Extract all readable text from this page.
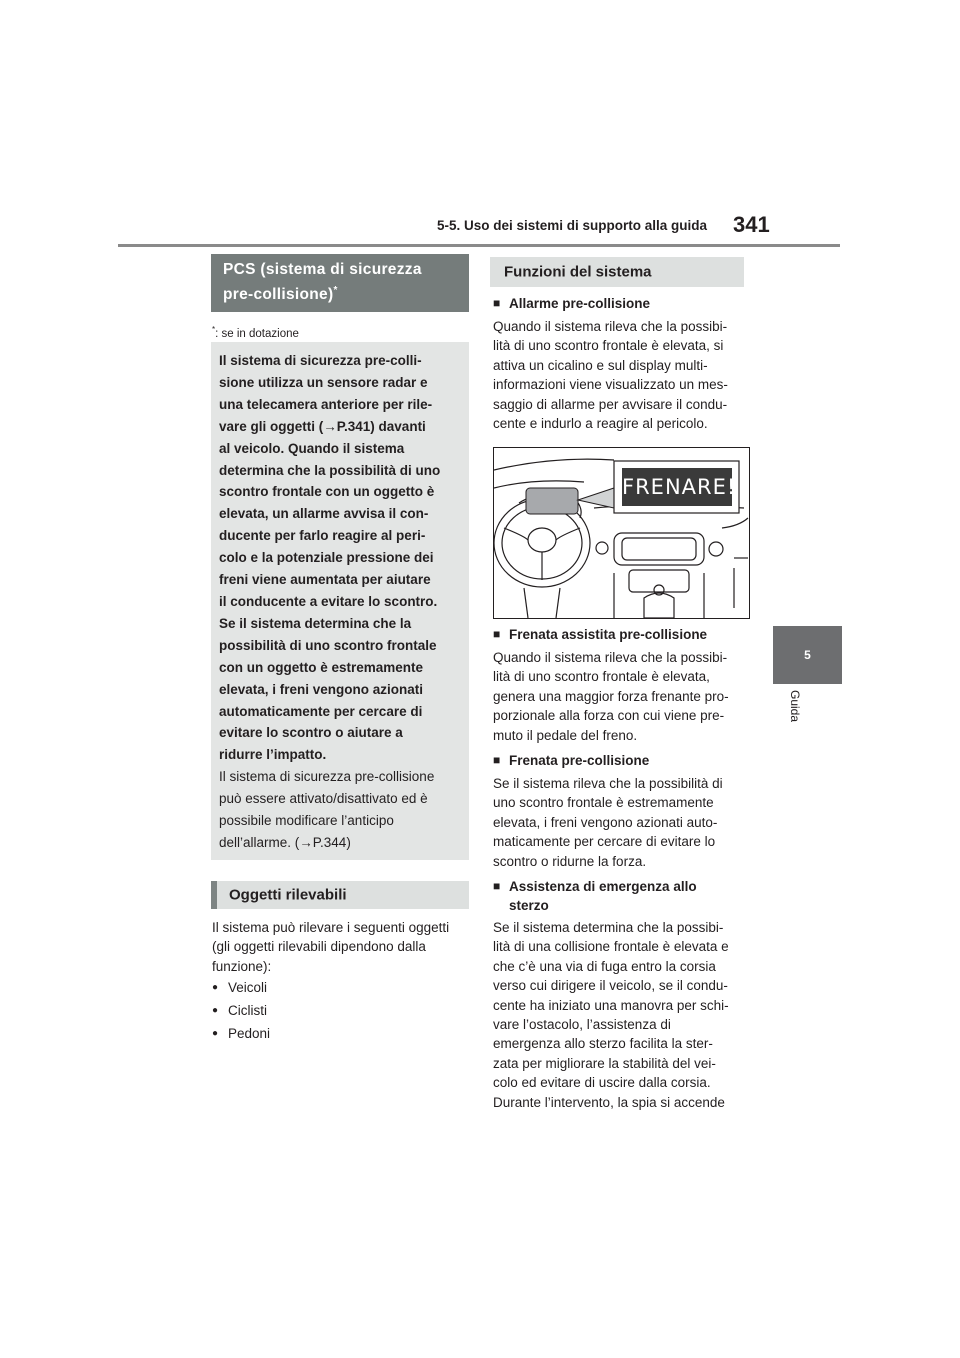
5-5. Uso dei sistemi di supporto alla guida 341
5
Guida
PCS (sistema di sicurezza
pre-collisione)*
*: se in dotazione
Il sistema di sicurezza pre-colli-
sione utilizza un sensore radar e
una telecamera anteriore per rile-
vare gli oggetti (→P.341) davanti
al veicolo. Quando il sistema
determina che la possibilità di uno
scontro frontale con un oggetto è
elevata, un allarme avvisa il con-
ducente per farlo reagire al peri-
colo e la potenziale pressione dei
freni viene aumentata per aiutare
il conducente a evitare lo scontro.
Se il sistema determina che la
possibilità di uno scontro frontale
con un oggetto è estremamente
elevata, i freni vengono azionati
automaticamente per cercare di
evitare lo scontro o aiutare a
ridurre l’impatto.
Il sistema di sicurezza pre-collisione
può essere attivato/disattivato ed è
possibile modificare l’anticipo
dell’allarme. (→P.344)
Oggetti rilevabili
Il sistema può rilevare i seguenti oggetti
(gli oggetti rilevabili dipendono dalla
funzione):
● Veicoli
● Ciclisti
● Pedoni
Funzioni del sistema
■ Allarme pre-collisione
Quando il sistema rileva che la possibi-
lità di uno scontro frontale è elevata, si
attiva un cicalino e sul display multi-
informazioni viene visualizzato un mes-
saggio di allarme per avvisare il condu-
cente e indurlo a reagire al pericolo.
FRENARE!
■ Frenata assistita pre-collisione
Quando il sistema rileva che la possibi-
lità di uno scontro frontale è elevata,
genera una maggior forza frenante pro-
porzionale alla forza con cui viene pre-
muto il pedale del freno.
■ Frenata pre-collisione
Se il sistema rileva che la possibilità di
uno scontro frontale è estremamente
elevata, i freni vengono azionati auto-
maticamente per cercare di evitare lo
scontro o ridurne la forza.
■ Assistenza di emergenza allo
sterzo
Se il sistema determina che la possibi-
lità di una collisione frontale è elevata e
che c’è una via di fuga entro la corsia
verso cui dirigere il veicolo, se il condu-
cente ha iniziato una manovra per schi-
vare l’ostacolo, l’assistenza di
emergenza allo sterzo facilita la ster-
zata per migliorare la stabilità del vei-
colo ed evitare di uscire dalla corsia.
Durante l’intervento, la spia si accende
